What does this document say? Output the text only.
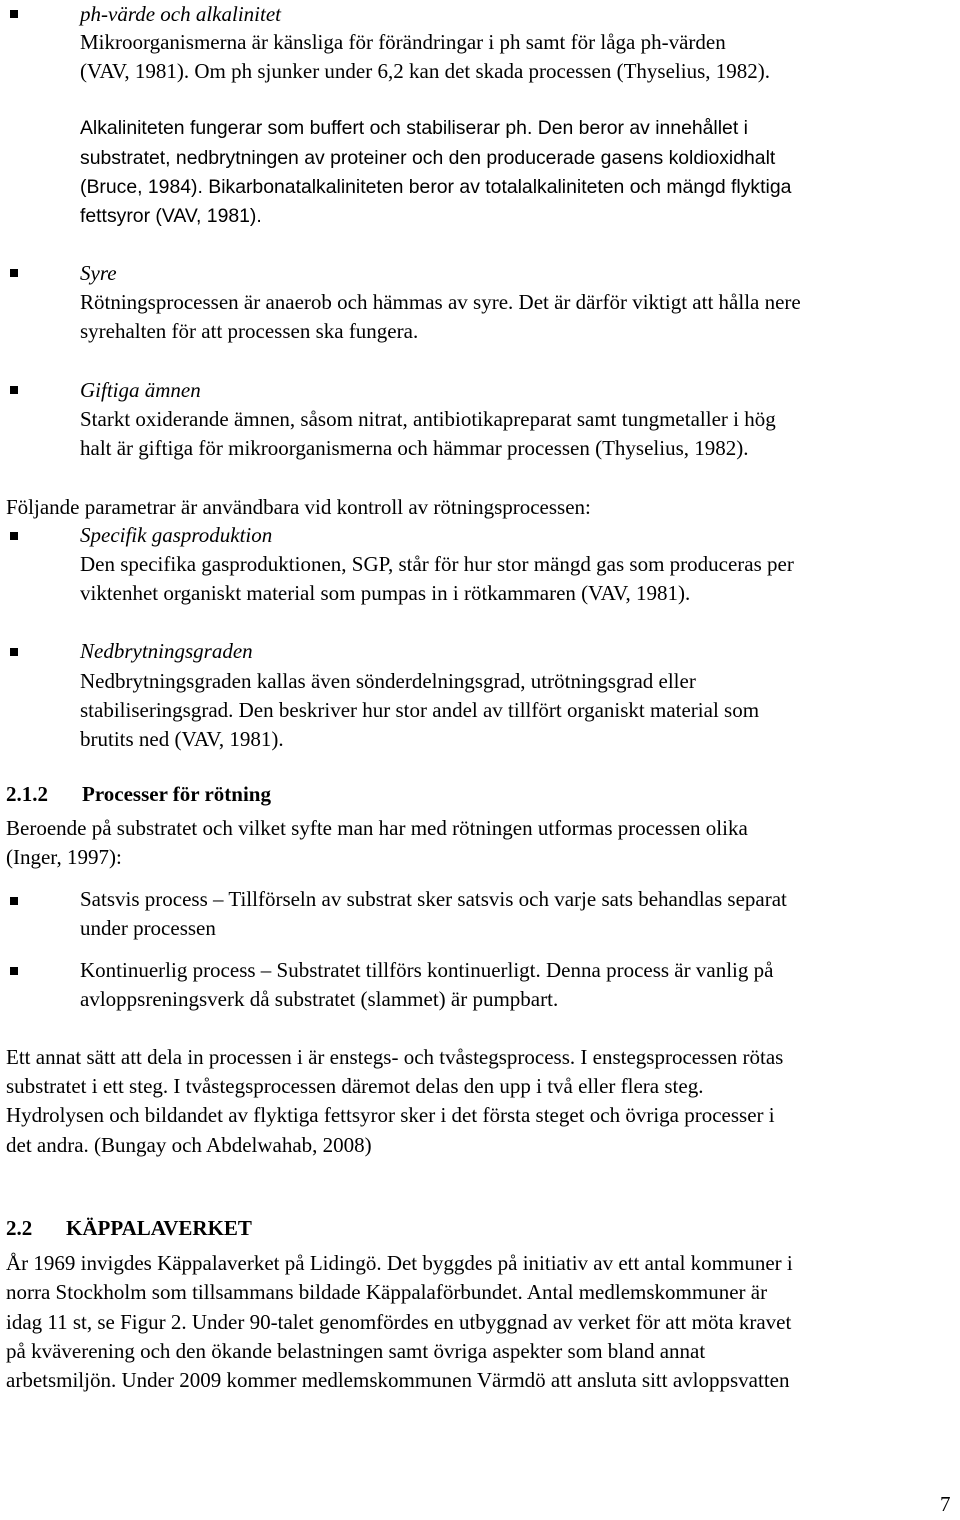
ph-värde och alkalinitet
Mikroorganismerna är känsliga för förändringar i ph samt för låga ph-värden
(VAV, 1981). Om ph sjunker under 6,2 kan det skada processen (Thyselius, 1982).
Alkaliniteten fungerar som buffert och stabiliserar ph. Den beror av innehållet i
substratet, nedbrytningen av proteiner och den producerade gasens koldioxidhalt
(Bruce, 1984). Bikarbonatalkaliniteten beror av totalalkaliniteten och mängd flyktiga
fettsyror (VAV, 1981).
Syre
Rötningsprocessen är anaerob och hämmas av syre. Det är därför viktigt att hålla nere
syrehalten för att processen ska fungera.
Giftiga ämnen
Starkt oxiderande ämnen, såsom nitrat, antibiotikapreparat samt tungmetaller i hög
halt är giftiga för mikroorganismerna och hämmar processen (Thyselius, 1982).
Följande parametrar är användbara vid kontroll av rötningsprocessen:
Specifik gasproduktion
Den specifika gasproduktionen, SGP, står för hur stor mängd gas som produceras per
viktenhet organiskt material som pumpas in i rötkammaren (VAV, 1981).
Nedbrytningsgraden
Nedbrytningsgraden kallas även sönderdelningsgrad, utrötningsgrad eller
stabiliseringsgrad. Den beskriver hur stor andel av tillfört organiskt material som
brutits ned (VAV, 1981).
2.1.2 Processer för rötning
Beroende på substratet och vilket syfte man har med rötningen utformas processen olika
(Inger, 1997):
Satsvis process – Tillförseln av substrat sker satsvis och varje sats behandlas separat
under processen
Kontinuerlig process – Substratet tillförs kontinuerligt. Denna process är vanlig på
avloppsreningsverk då substratet (slammet) är pumpbart.
Ett annat sätt att dela in processen i är enstegs- och tvåstegsprocess. I enstegsprocessen rötas
substratet i ett steg. I tvåstegsprocessen däremot delas den upp i två eller flera steg.
Hydrolysen och bildandet av flyktiga fettsyror sker i det första steget och övriga processer i
det andra. (Bungay och Abdelwahab, 2008)
2.2 KÄPPALAVERKET
År 1969 invigdes Käppalaverket på Lidingö. Det byggdes på initiativ av ett antal kommuner i
norra Stockholm som tillsammans bildade Käppalaförbundet. Antal medlemskommuner är
idag 11 st, se Figur 2. Under 90-talet genomfördes en utbyggnad av verket för att möta kravet
på kväverening och den ökande belastningen samt övriga aspekter som bland annat
arbetsmiljön. Under 2009 kommer medlemskommunen Värmdö att ansluta sitt avloppsvatten
7
